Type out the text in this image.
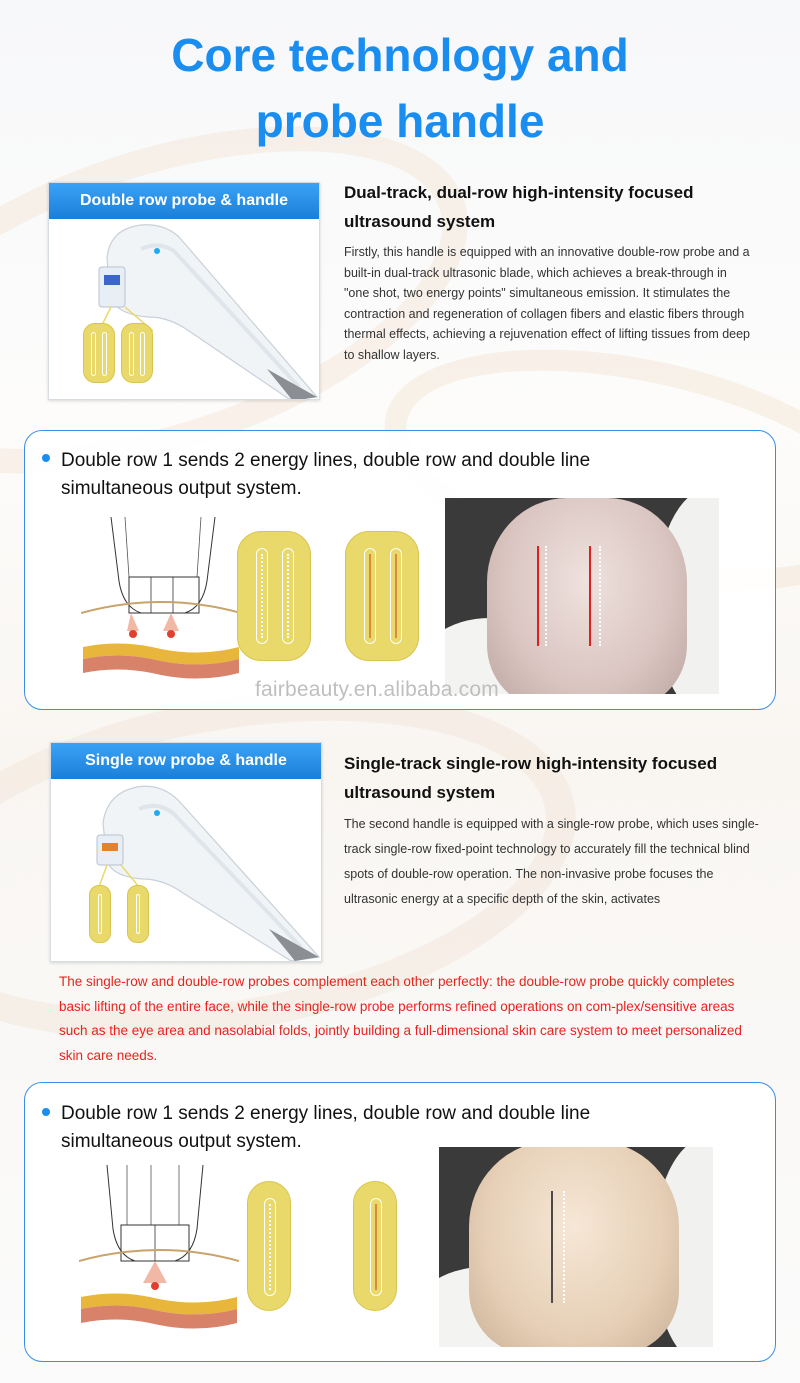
Core technology and
probe handle
Double row probe & handle	Dual-track, dual-row high-intensity focused
ultrasound system
Firstly, this handle is equipped with an innovative double-row probe and a built-in dual-track ultrasonic blade, which achieves a break-through in "one shot, two energy points" simultaneous emission. It stimulates the contraction and regeneration of collagen fibers and elastic fibers through thermal effects, achieving a rejuvenation effect of lifting tissues from deep to shallow layers.
Double row 1 sends 2 energy lines, double row and double line
simultaneous output system.
fairbeauty.en.alibaba.com
Single row probe & handle	Single-track single-row high-intensity focused
ultrasound system
The second handle is equipped with a single-row probe, which uses single-track single-row fixed-point technology to accurately fill the technical blind spots of double-row operation. The non-invasive probe focuses the ultrasonic energy at a specific depth of the skin, activates
The single-row and double-row probes complement each other perfectly: the double-row probe quickly completes basic lifting of the entire face, while the single-row probe performs refined operations on com-plex/sensitive areas such as the eye area and nasolabial folds, jointly building a full-dimensional skin care system to meet personalized skin care needs.
Double row 1 sends 2 energy lines, double row and double line
simultaneous output system.
